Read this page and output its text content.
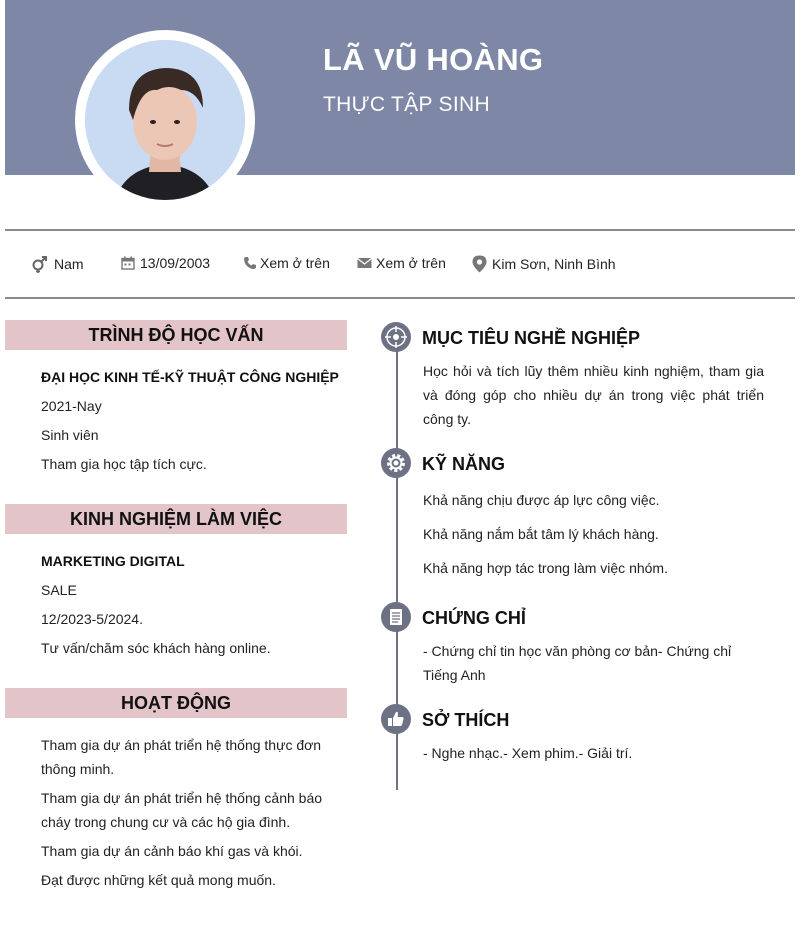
LÃ VŨ HOÀNG
THỰC TẬP SINH
Nam	13/09/2003	Xem ở trên	Xem ở trên	Kim Sơn, Ninh Bình
TRÌNH ĐỘ HỌC VẤN
ĐẠI HỌC KINH TẾ-KỸ THUẬT CÔNG NGHIỆP
2021-Nay
Sinh viên
Tham gia học tập tích cực.
KINH NGHIỆM LÀM VIỆC
MARKETING DIGITAL
SALE
12/2023-5/2024.
Tư vấn/chăm sóc khách hàng online.
HOẠT ĐỘNG
Tham gia dự án phát triển hệ thống thực đơn thông minh.
Tham gia dự án phát triển hệ thống cảnh báo cháy trong chung cư và các hộ gia đình.
Tham gia dự án cảnh báo khí gas và khói.
Đạt được những kết quả mong muốn.
MỤC TIÊU NGHỀ NGHIỆP
Học hỏi và tích lũy thêm nhiều kinh nghiệm, tham gia và đóng góp cho nhiều dự án trong việc phát triển công ty.
KỸ NĂNG
Khả năng chịu được áp lực công việc.
Khả năng nắm bắt tâm lý khách hàng.
Khả năng hợp tác trong làm việc nhóm.
CHỨNG CHỈ
- Chứng chỉ tin học văn phòng cơ bản- Chứng chỉ Tiếng Anh
SỞ THÍCH
- Nghe nhạc.- Xem phim.- Giải trí.
